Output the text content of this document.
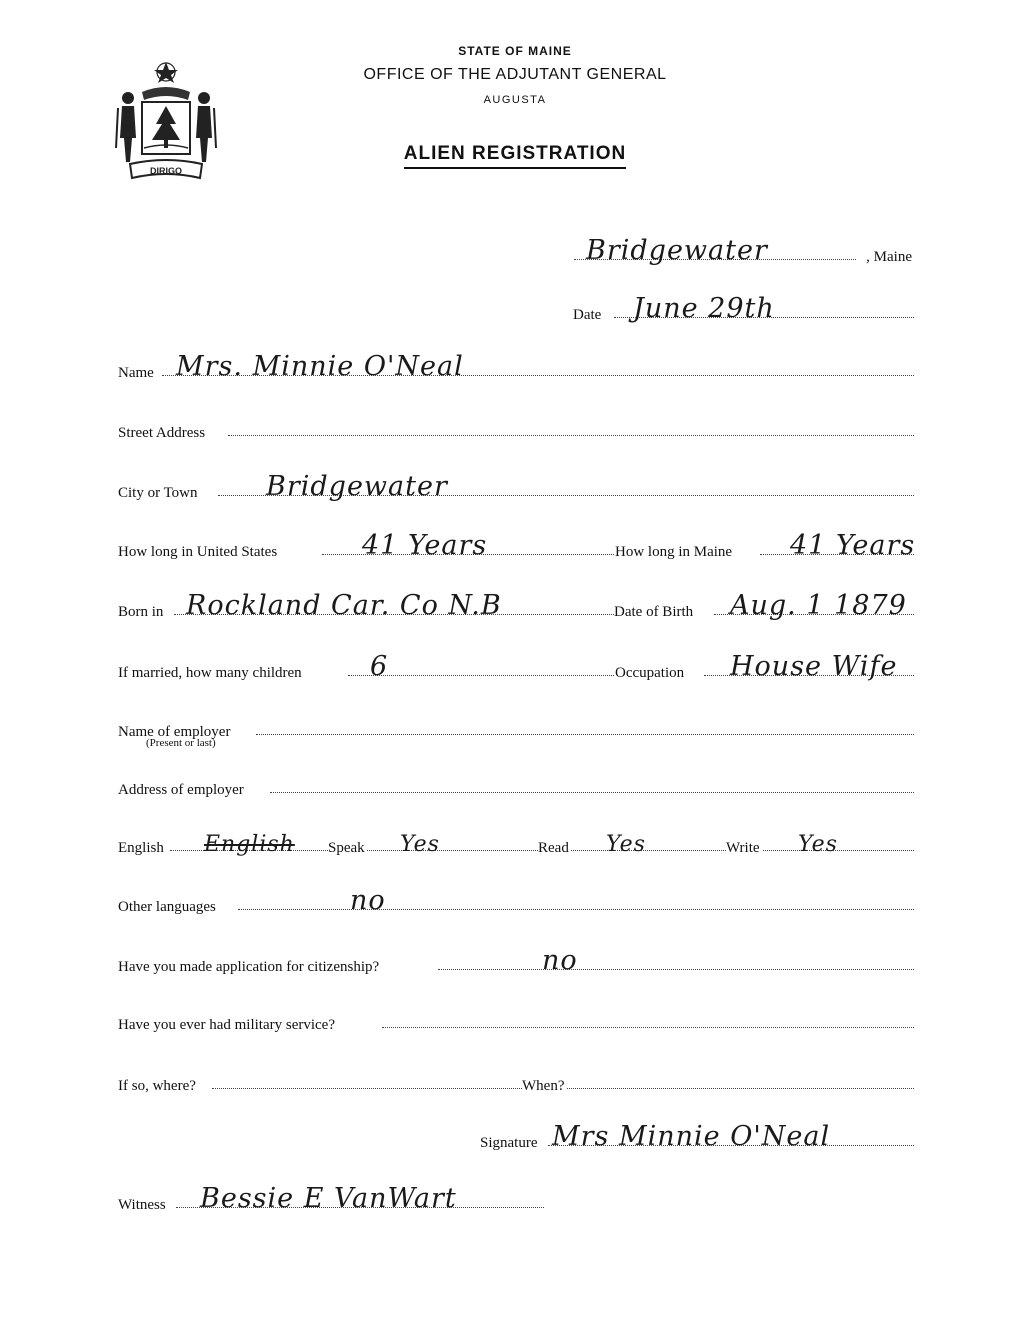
DIRIGO
STATE OF MAINE
OFFICE OF THE ADJUTANT GENERAL
AUGUSTA
ALIEN REGISTRATION
Bridgewater	, Maine
Date June 29th
Name Mrs. Minnie O'Neal
Street Address
City or Town	Bridgewater
How long in United States	41 Years	How long in Maine 41 Years
Born in Rockland Car. Co N.B	Date of Birth Aug. 1 1879
If married, how many children	6	Occupation House Wife
Name of employer
(Present or last)
Address of employer
English English Speak Yes	Read Yes	Write Yes
Other languages	no
Have you made application for citizenship?	no
Have you ever had military service?
If so, where?	When?
Signature Mrs Minnie O'Neal
Witness Bessie E VanWart
